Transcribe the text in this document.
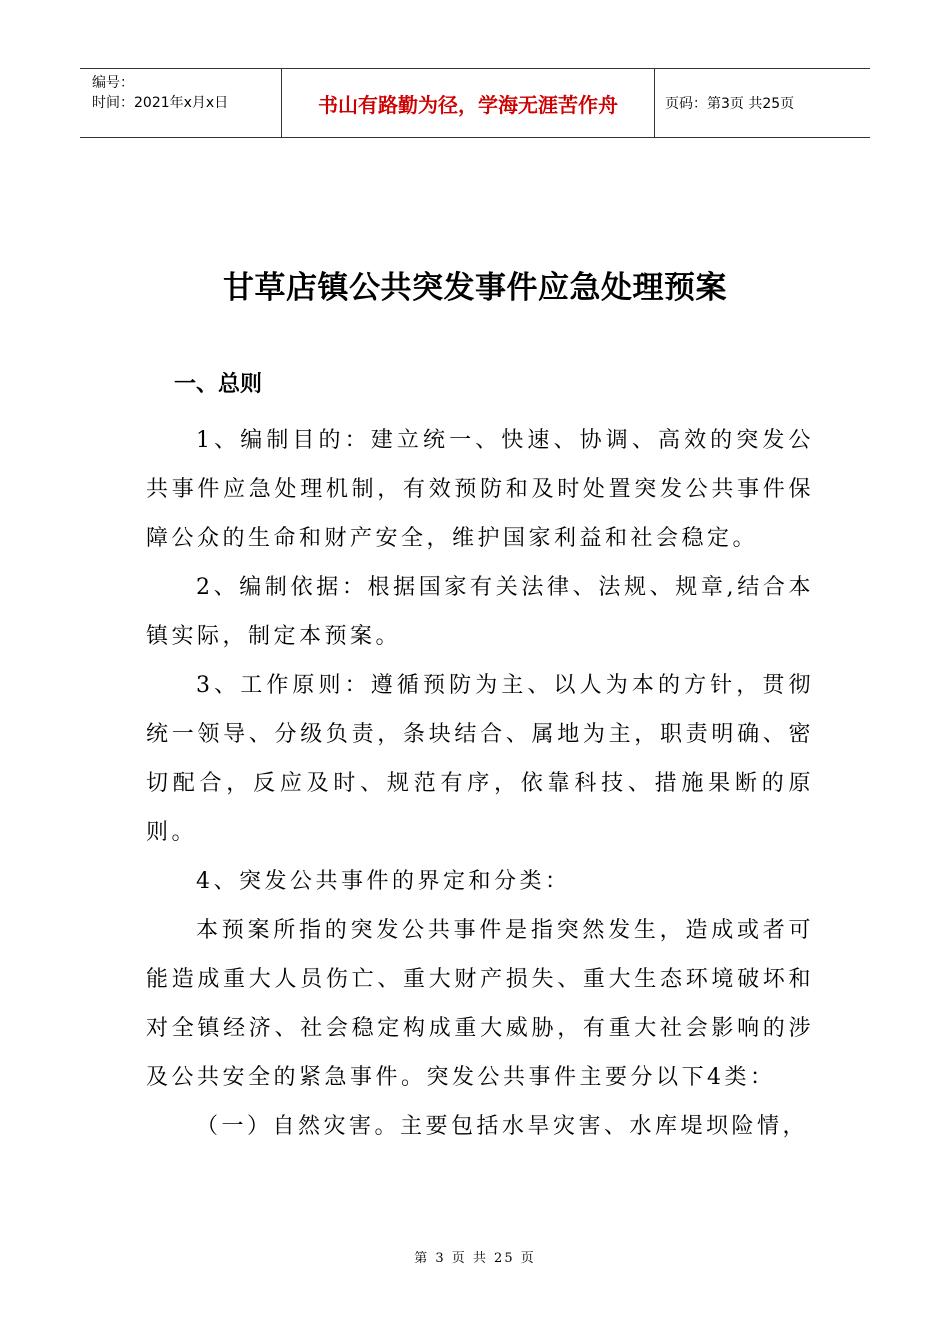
编号：
时间：2021年x月x日	书山有路勤为径，学海无涯苦作舟	页码：第3页 共25页
甘草店镇公共突发事件应急处理预案
一、总则

1、编制目的：建立统一、快速、协调、高效的突发公共事件应急处理机制，有效预防和及时处置突发公共事件保障公众的生命和财产安全，维护国家利益和社会稳定。

2、编制依据：根据国家有关法律、法规、规章,结合本镇实际，制定本预案。

3、工作原则：遵循预防为主、以人为本的方针，贯彻统一领导、分级负责，条块结合、属地为主，职责明确、密切配合，反应及时、规范有序，依靠科技、措施果断的原则。

4、突发公共事件的界定和分类：

本预案所指的突发公共事件是指突然发生，造成或者可能造成重大人员伤亡、重大财产损失、重大生态环境破坏和对全镇经济、社会稳定构成重大威胁，有重大社会影响的涉及公共安全的紧急事件。突发公共事件主要分以下4类：

（一）自然灾害。主要包括水旱灾害、水库堤坝险情，

第 3 页 共 25 页
